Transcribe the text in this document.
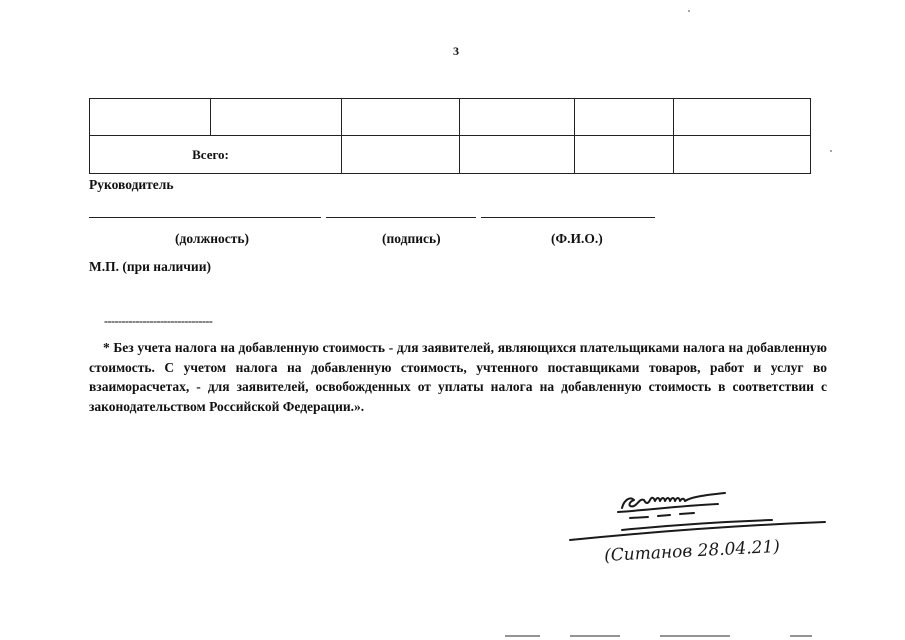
3

Всего:					
Руководитель
(должность)	(подпись)	(Ф.И.О.)
М.П. (при наличии)
-------------------------------
* Без учета налога на добавленную стоимость - для заявителей, являющихся плательщиками налога на добавленную стоимость. С учетом налога на добавленную стоимость, учтенного поставщиками товаров, работ и услуг во взаиморасчетах, - для заявителей, освобожденных от уплаты налога на добавленную стоимость в соответствии с законодательством Российской Федерации.».
(Ситанов 28.04.21)
